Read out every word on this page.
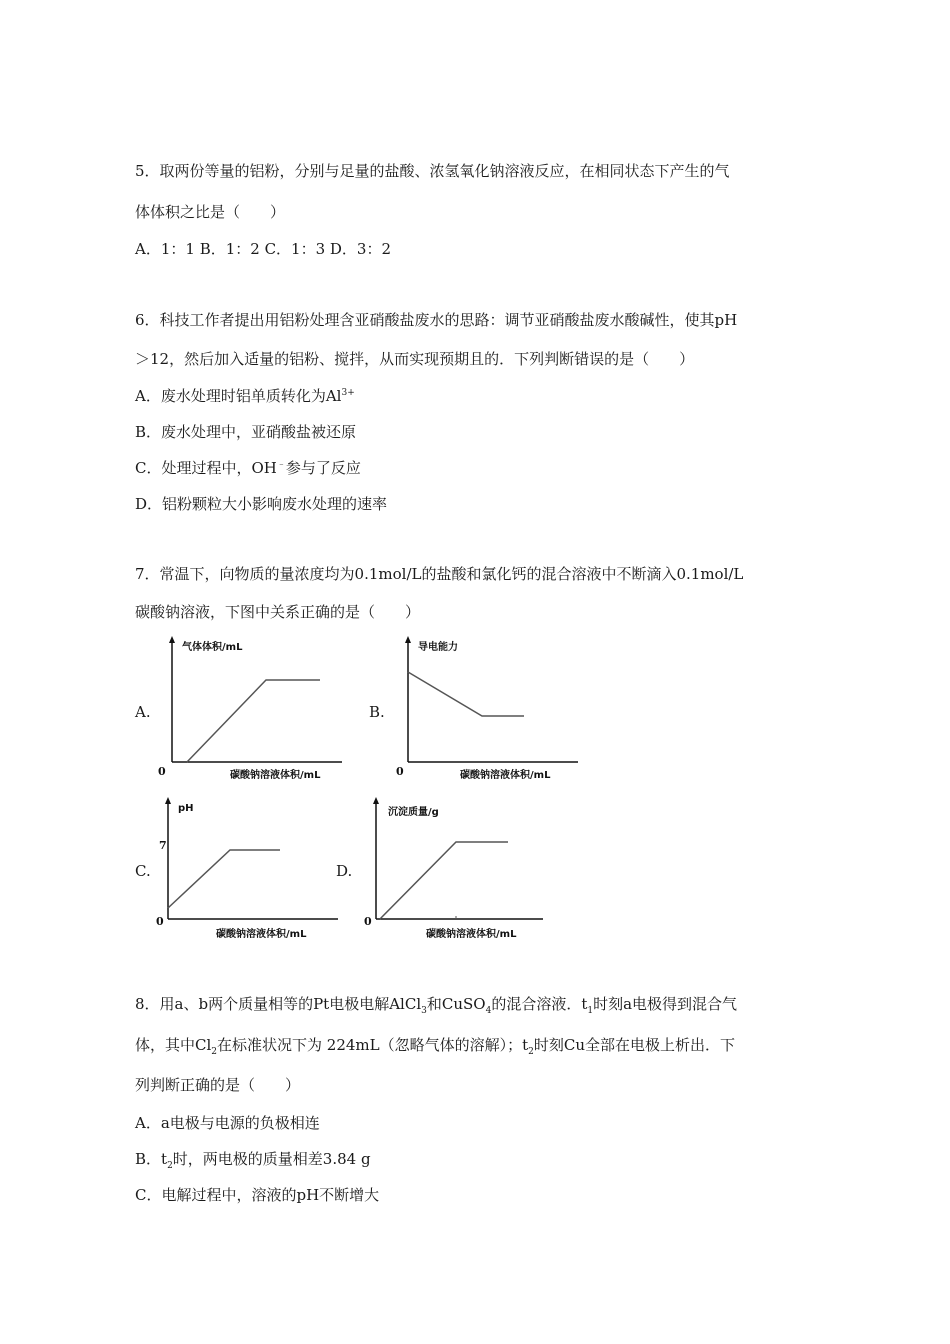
5．取两份等量的铝粉，分别与足量的盐酸、浓氢氧化钠溶液反应，在相同状态下产生的气
体体积之比是（　　）
A．1：1 B．1：2 C．1：3 D．3：2
6．科技工作者提出用铝粉处理含亚硝酸盐废水的思路：调节亚硝酸盐废水酸碱性，使其pH
＞12，然后加入适量的铝粉、搅拌，从而实现预期且的．下列判断错误的是（　　）
A．废水处理时铝单质转化为$Al^{3+}$
B．废水处理中，亚硝酸盐被还原
C．处理过程中，OH﹣参与了反应
D．铝粉颗粒大小影响废水处理的速率
7．常温下，向物质的量浓度均为0.1mol/L的盐酸和氯化钙的混合溶液中不断滴入0.1mol/L
碳酸钠溶液，下图中关系正确的是（　　）
A.	B.
C.	D.
气体体积/mL
0	碳酸钠溶液体积/mL
导电能力
0	碳酸钠溶液体积/mL
pH
7
0
碳酸钠溶液体积/mL
沉淀质量/g
0
碳酸钠溶液体积/mL
8．用a、b两个质量相等的Pt电极电解AlCl$_3$和CuSO$_4$的混合溶液．$t_1$时刻a电极得到混合气
体，其中$Cl_2$在标准状况下为 224mL（忽略气体的溶解）；$t_2$时刻Cu全部在电极上析出．下
列判断正确的是（　　）
A．a电极与电源的负极相连
B．$t_2$时，两电极的质量相差3.84 g
C．电解过程中，溶液的pH不断增大
